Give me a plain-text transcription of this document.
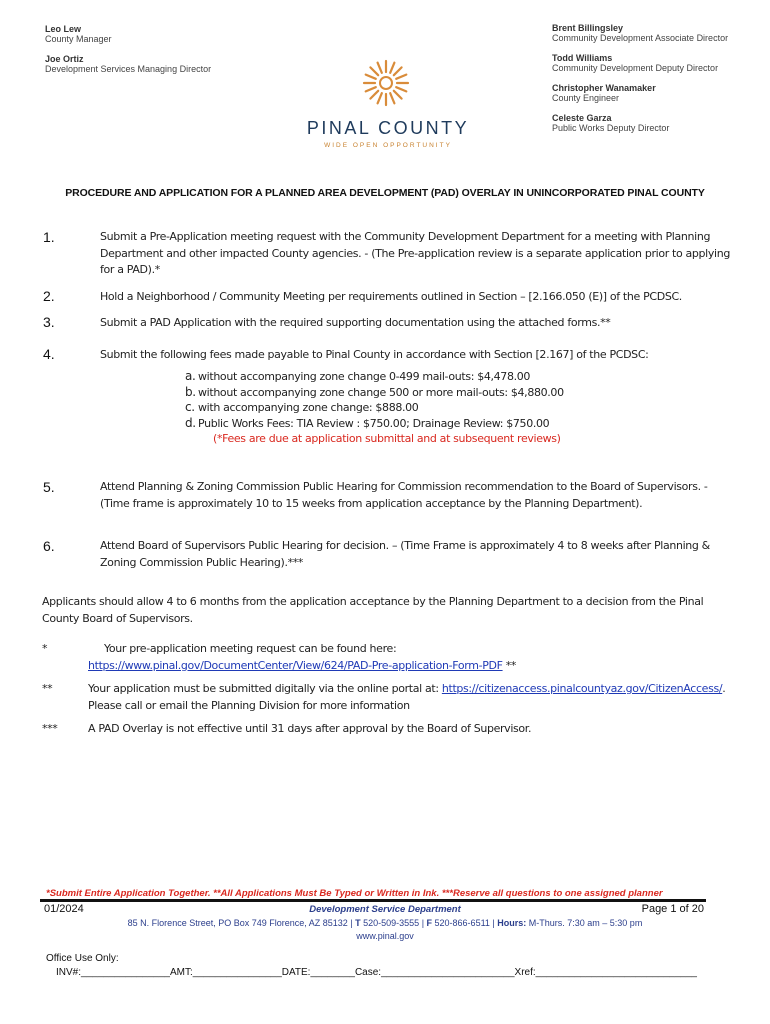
Leo Lew
County Manager
Joe Ortiz
Development Services Managing Director
Brent Billingsley
Community Development Associate Director
Todd Williams
Community Development Deputy Director
Christopher Wanamaker
County Engineer
Celeste Garza
Public Works Deputy Director
PINAL COUNTY
WIDE OPEN OPPORTUNITY
PROCEDURE AND APPLICATION FOR A PLANNED AREA DEVELOPMENT (PAD) OVERLAY IN UNINCORPORATED PINAL COUNTY
1.	Submit a Pre-Application meeting request with the Community Development Department for a meeting with Planning
Department and other impacted County agencies. - (The Pre-application review is a separate application prior to applying
for a PAD).*
2.	Hold a Neighborhood / Community Meeting per requirements outlined in Section – [2.166.050 (E)] of the PCDSC.
3.	Submit a PAD Application with the required supporting documentation using the attached forms.**
4.	Submit the following fees made payable to Pinal County in accordance with Section [2.167] of the PCDSC:
a. without accompanying zone change 0-499 mail-outs: $4,478.00
b. without accompanying zone change 500 or more mail-outs: $4,880.00
c. with accompanying zone change: $888.00
d. Public Works Fees: TIA Review : $750.00; Drainage Review: $750.00
(*Fees are due at application submittal and at subsequent reviews)
5.	Attend Planning & Zoning Commission Public Hearing for Commission recommendation to the Board of Supervisors. -
(Time frame is approximately 10 to 15 weeks from application acceptance by the Planning Department).
6.	Attend Board of Supervisors Public Hearing for decision. – (Time Frame is approximately 4 to 8 weeks after Planning &
Zoning Commission Public Hearing).***
Applicants should allow 4 to 6 months from the application acceptance by the Planning Department to a decision from the Pinal
County Board of Supervisors.
*	Your pre-application meeting request can be found here:
https://www.pinal.gov/DocumentCenter/View/624/PAD-Pre-application-Form-PDF **
**	Your application must be submitted digitally via the online portal at: https://citizenaccess.pinalcountyaz.gov/CitizenAccess/.
Please call or email the Planning Division for more information
***	A PAD Overlay is not effective until 31 days after approval by the Board of Supervisor.
*Submit Entire Application Together. **All Applications Must Be Typed or Written in Ink. ***Reserve all questions to one assigned planner
01/2024	Development Service Department	Page 1 of 20
85 N. Florence Street, PO Box 749 Florence, AZ 85132 | T 520-509-3555 | F 520-866-6511 | Hours: M-Thurs. 7:30 am – 5:30 pm
www.pinal.gov
Office Use Only:
INV#:________________AMT:________________DATE:________Case:________________________Xref:_____________________________
